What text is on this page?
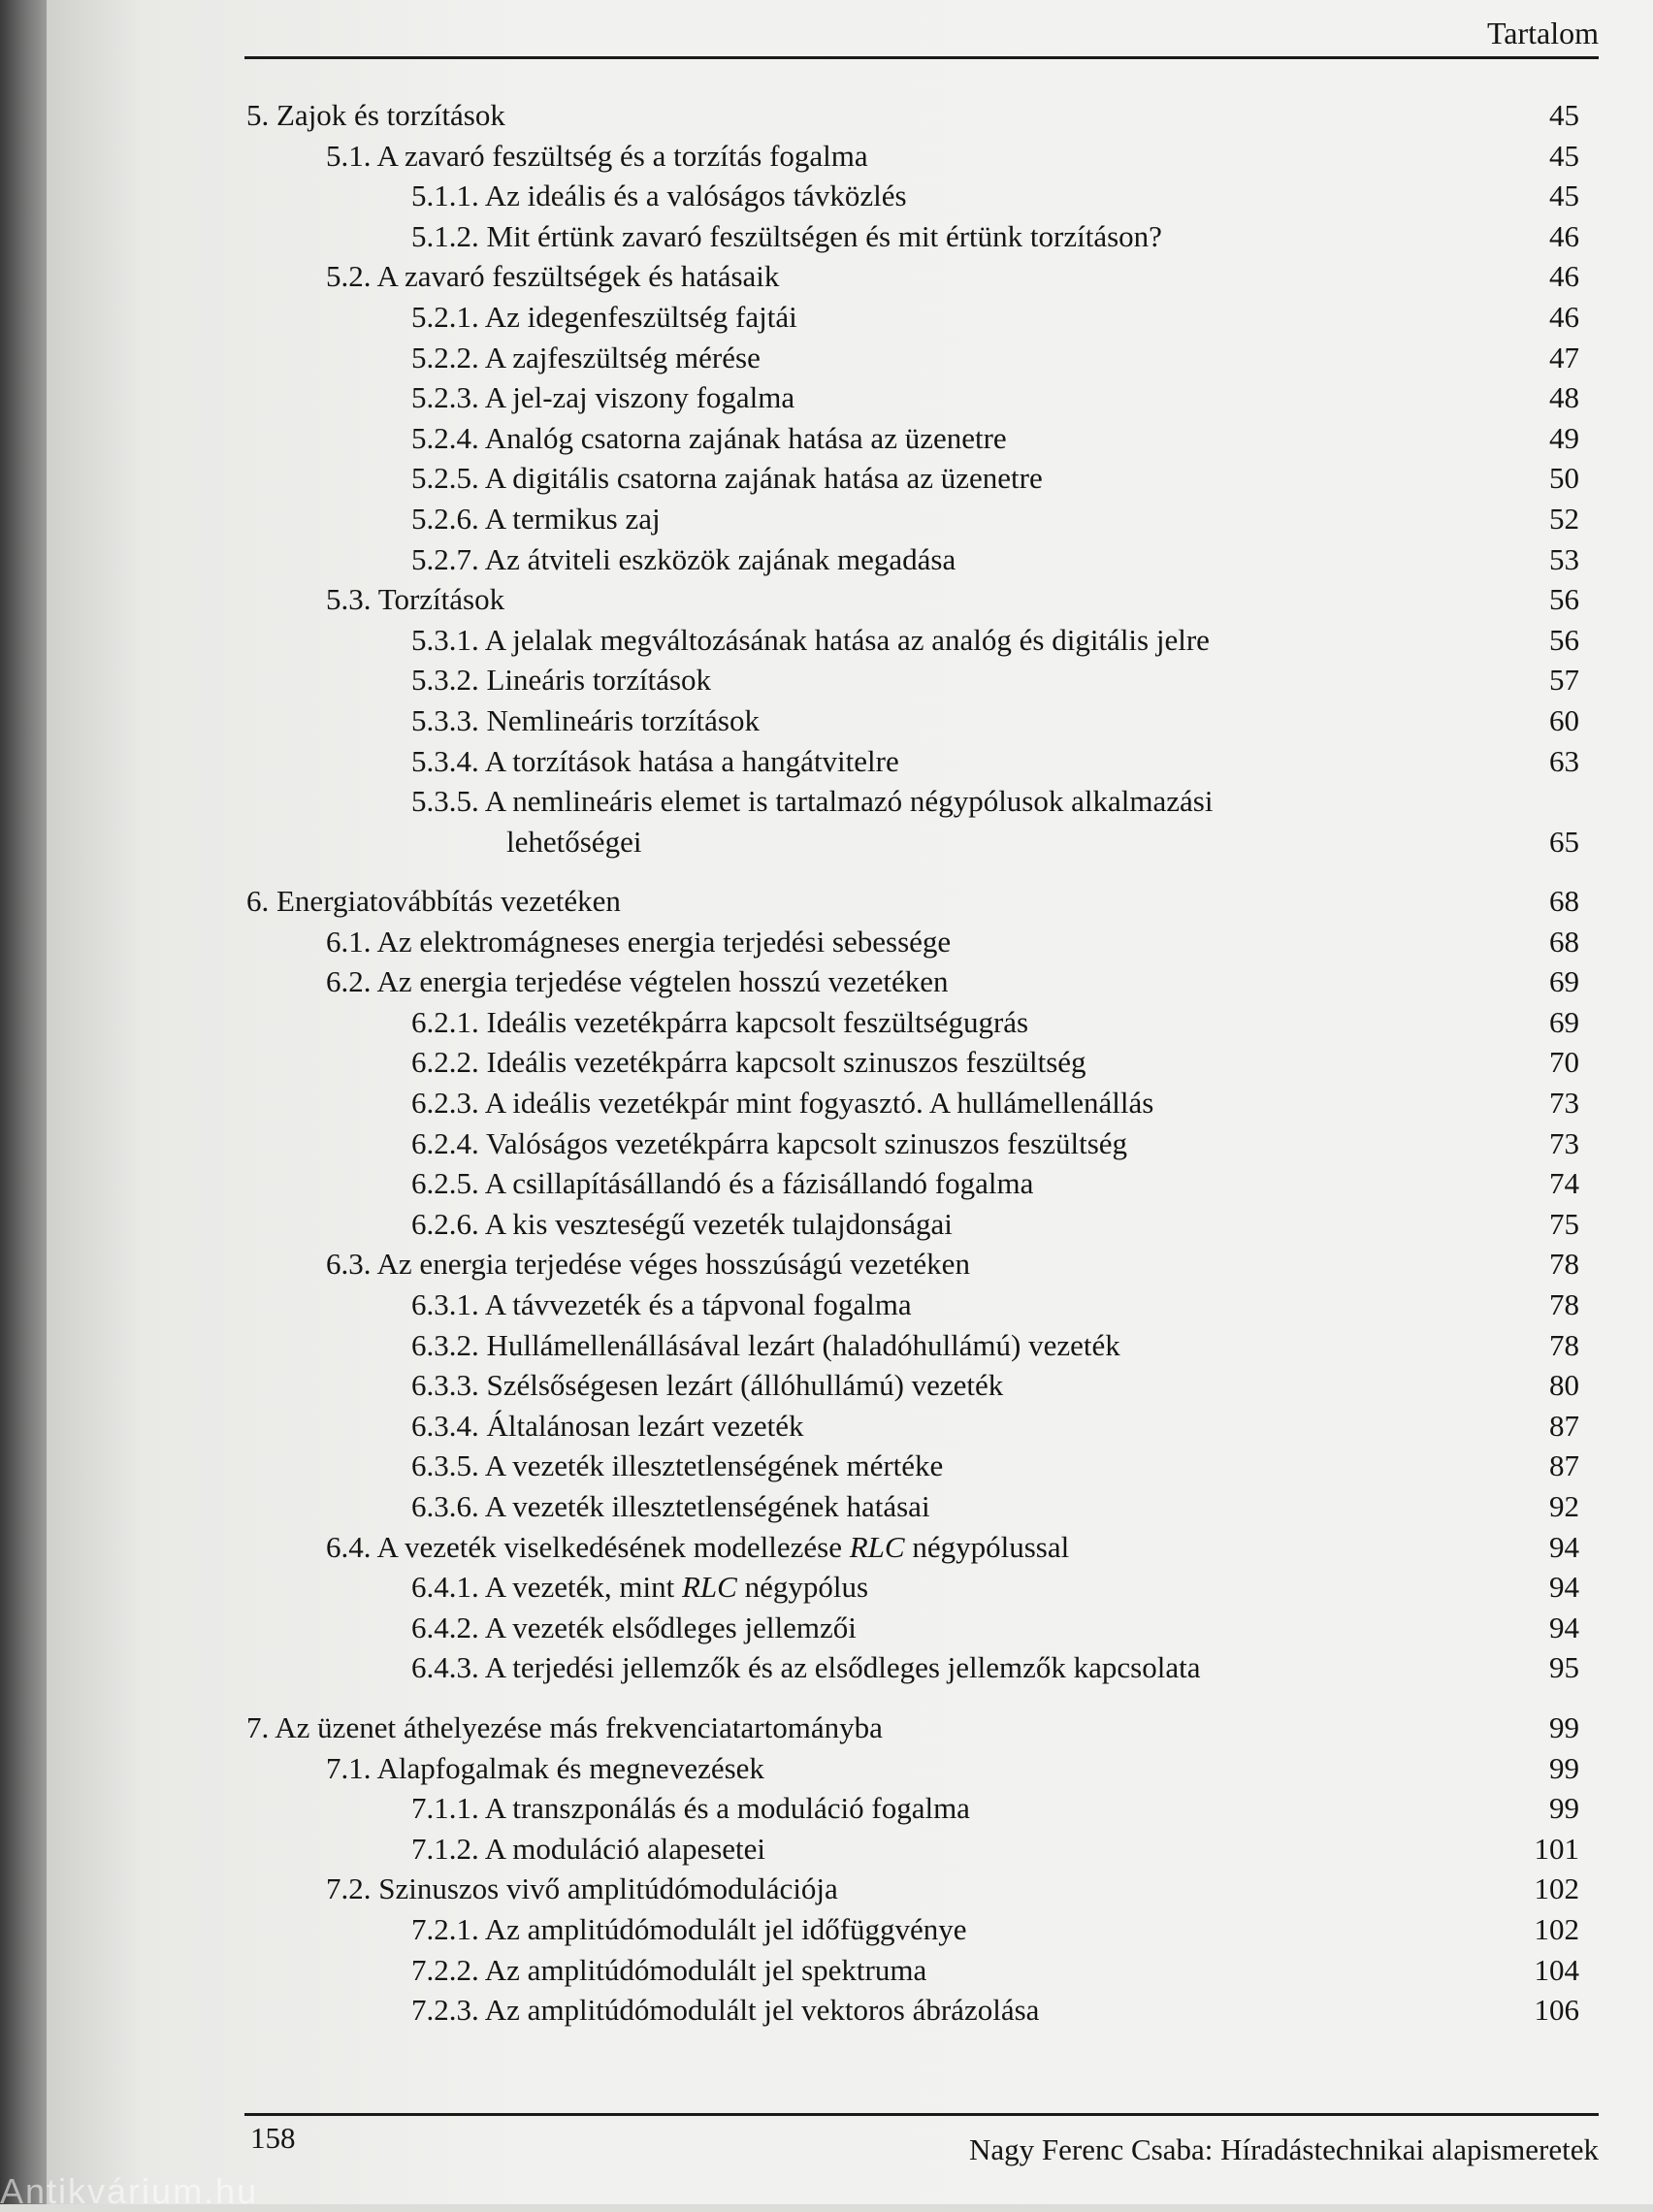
Tartalom
5. Zajok és torzítások	45
5.1. A zavaró feszültség és a torzítás fogalma	45
5.1.1. Az ideális és a valóságos távközlés	45
5.1.2. Mit értünk zavaró feszültségen és mit értünk torzításon?	46
5.2. A zavaró feszültségek és hatásaik	46
5.2.1. Az idegenfeszültség fajtái	46
5.2.2. A zajfeszültség mérése	47
5.2.3. A jel-zaj viszony fogalma	48
5.2.4. Analóg csatorna zajának hatása az üzenetre	49
5.2.5. A digitális csatorna zajának hatása az üzenetre	50
5.2.6. A termikus zaj	52
5.2.7. Az átviteli eszközök zajának megadása	53
5.3. Torzítások	56
5.3.1. A jelalak megváltozásának hatása az analóg és digitális jelre	56
5.3.2. Lineáris torzítások	57
5.3.3. Nemlineáris torzítások	60
5.3.4. A torzítások hatása a hangátvitelre	63
5.3.5. A nemlineáris elemet is tartalmazó négypólusok alkalmazási
lehetőségei	65
6. Energiatovábbítás vezetéken	68
6.1. Az elektromágneses energia terjedési sebessége	68
6.2. Az energia terjedése végtelen hosszú vezetéken	69
6.2.1. Ideális vezetékpárra kapcsolt feszültségugrás	69
6.2.2. Ideális vezetékpárra kapcsolt szinuszos feszültség	70
6.2.3. A ideális vezetékpár mint fogyasztó. A hullámellenállás	73
6.2.4. Valóságos vezetékpárra kapcsolt szinuszos feszültség	73
6.2.5. A csillapításállandó és a fázisállandó fogalma	74
6.2.6. A kis veszteségű vezeték tulajdonságai	75
6.3. Az energia terjedése véges hosszúságú vezetéken	78
6.3.1. A távvezeték és a tápvonal fogalma	78
6.3.2. Hullámellenállásával lezárt (haladóhullámú) vezeték	78
6.3.3. Szélsőségesen lezárt (állóhullámú) vezeték	80
6.3.4. Általánosan lezárt vezeték	87
6.3.5. A vezeték illesztetlenségének mértéke	87
6.3.6. A vezeték illesztetlenségének hatásai	92
6.4. A vezeték viselkedésének modellezése RLC négypólussal	94
6.4.1. A vezeték, mint RLC négypólus	94
6.4.2. A vezeték elsődleges jellemzői	94
6.4.3. A terjedési jellemzők és az elsődleges jellemzők kapcsolata	95
7. Az üzenet áthelyezése más frekvenciatartományba	99
7.1. Alapfogalmak és megnevezések	99
7.1.1. A transzponálás és a moduláció fogalma	99
7.1.2. A moduláció alapesetei	101
7.2. Szinuszos vivő amplitúdómodulációja	102
7.2.1. Az amplitúdómodulált jel időfüggvénye	102
7.2.2. Az amplitúdómodulált jel spektruma	104
7.2.3. Az amplitúdómodulált jel vektoros ábrázolása	106
158	Nagy Ferenc Csaba: Híradástechnikai alapismeretek
Antikvárium.hu
